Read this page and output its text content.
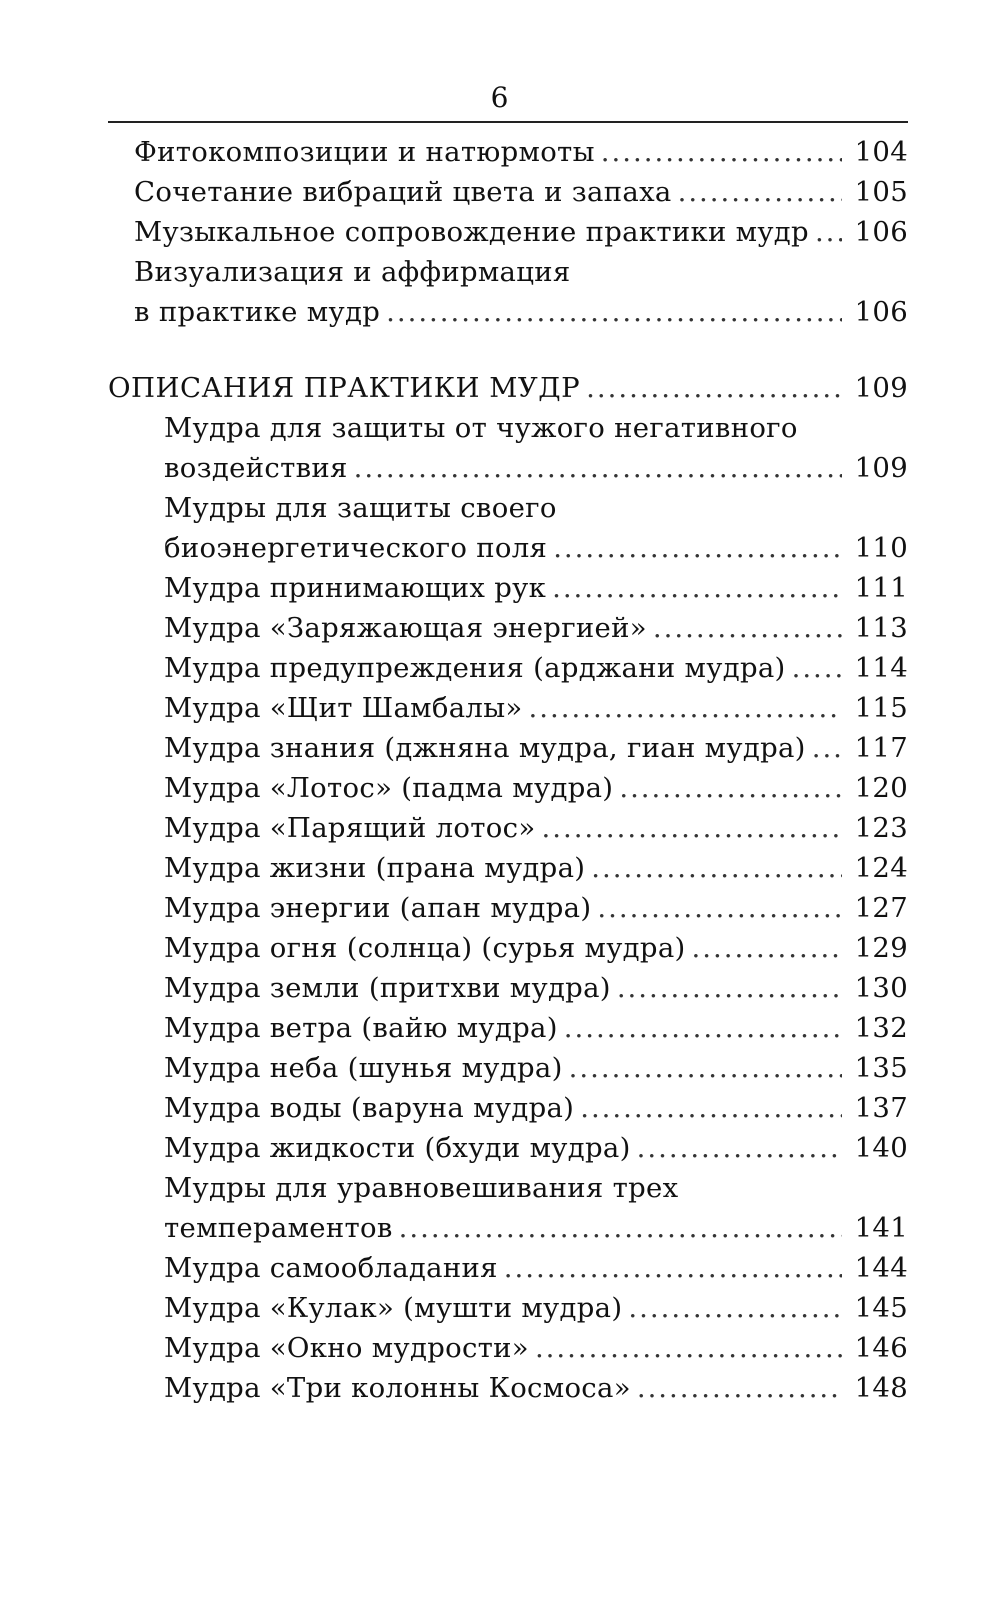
6
Фитокомпозиции и натюрмоты .....	104
Сочетание вибраций цвета и запаха .....	105
Музыкальное сопровождение практики мудр ..... 106
Визуализация и аффирмация
в практике мудр .....	106
ОПИСАНИЯ ПРАКТИКИ МУДР .....	109
Мудра для защиты от чужого негативного
воздействия .....	109
Мудры для защиты своего
биоэнергетического поля .....	110
Мудра принимающих рук .....	111
Мудра «Заряжающая энергией» .....	113
Мудра предупреждения (арджани мудра) .....	114
Мудра «Щит Шамбалы» .....	115
Мудра знания (джняна мудра, гиан мудра) ..... 117
Мудра «Лотос» (падма мудра) .....	120
Мудра «Парящий лотос» .....	123
Мудра жизни (прана мудра) .....	124
Мудра энергии (апан мудра) .....	127
Мудра огня (солнца) (сурья мудра) .....	129
Мудра земли (притхви мудра) .....	130
Мудра ветра (вайю мудра) .....	132
Мудра неба (шунья мудра) .....	135
Мудра воды (варуна мудра) .....	137
Мудра жидкости (бхуди мудра) .....	140
Мудры для уравновешивания трех
темпераментов .....	141
Мудра самообладания .....	144
Мудра «Кулак» (мушти мудра) .....	145
Мудра «Окно мудрости» .....	146
Мудра «Три колонны Космоса» .....	148
